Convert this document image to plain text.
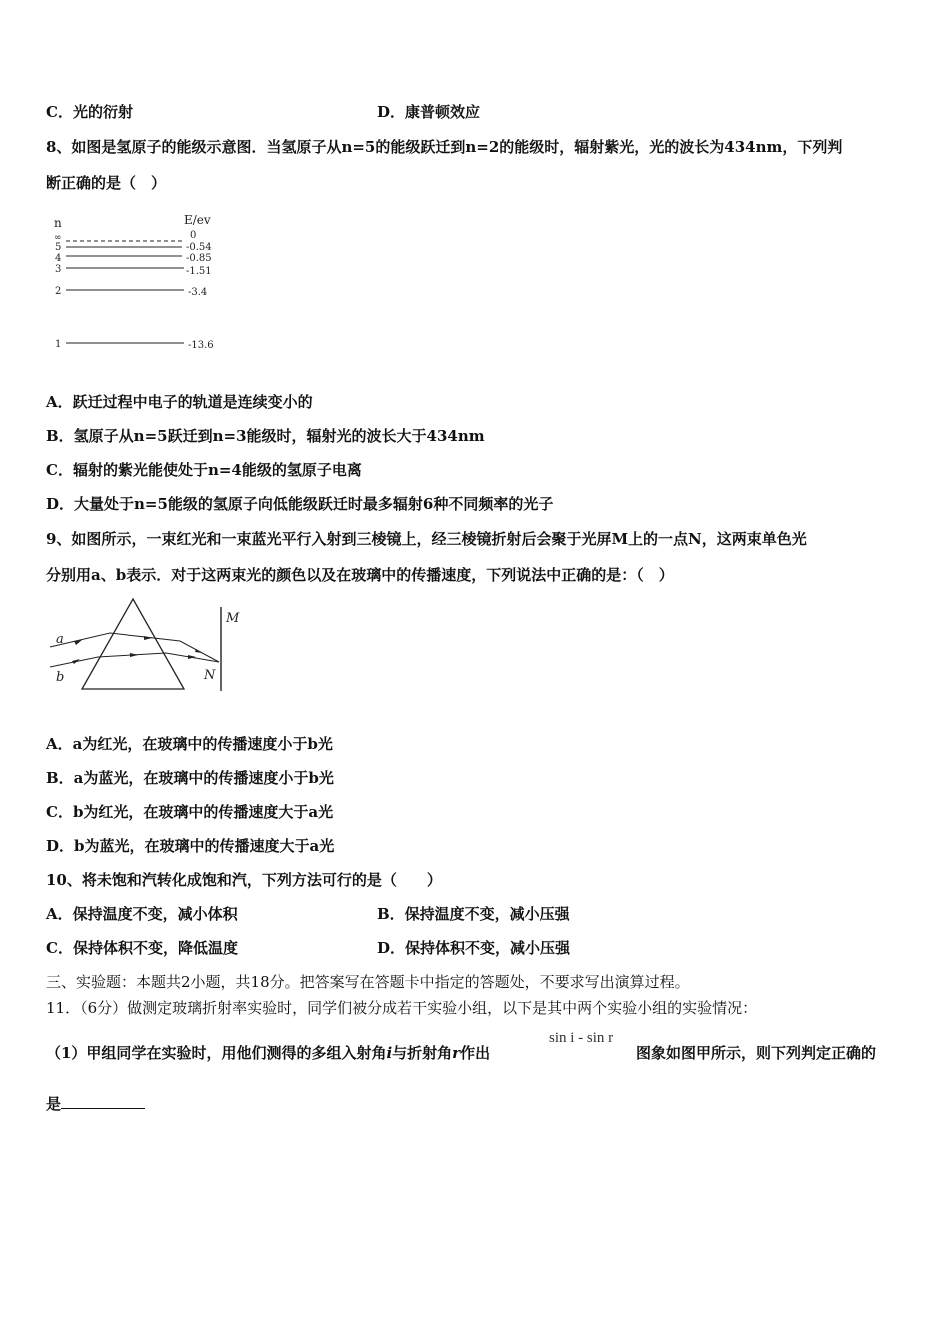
C．光的衍射	D．康普顿效应
8、如图是氢原子的能级示意图．当氢原子从n=5的能级跃迁到n=2的能级时，辐射紫光，光的波长为434nm，下列判
断正确的是（　）
n	E/ev
∞	0
5	-0.54
4	-0.85
3	-1.51
2	-3.4
1	-13.6
A．跃迁过程中电子的轨道是连续变小的
B．氢原子从n=5跃迁到n=3能级时，辐射光的波长大于434nm
C．辐射的紫光能使处于n=4能级的氢原子电离
D．大量处于n=5能级的氢原子向低能级跃迁时最多辐射6种不同频率的光子
9、如图所示，一束红光和一束蓝光平行入射到三棱镜上，经三棱镜折射后会聚于光屏M上的一点N，这两束单色光
分别用a、b表示．对于这两束光的颜色以及在玻璃中的传播速度，下列说法中正确的是：（　）
M
N
a
b
A．a为红光，在玻璃中的传播速度小于b光
B．a为蓝光，在玻璃中的传播速度小于b光
C．b为红光，在玻璃中的传播速度大于a光
D．b为蓝光，在玻璃中的传播速度大于a光
10、将未饱和汽转化成饱和汽，下列方法可行的是（　　）
A．保持温度不变，减小体积	B．保持温度不变，减小压强
C．保持体积不变，降低温度	D．保持体积不变，减小压强
三、实验题：本题共2小题，共18分。把答案写在答题卡中指定的答题处，不要求写出演算过程。
11．（6分）做测定玻璃折射率实验时，同学们被分成若干实验小组，以下是其中两个实验小组的实验情况：
（1）甲组同学在实验时，用他们测得的多组入射角i与折射角r作出
sin i - sin r
图象如图甲所示，则下列判定正确的
是
